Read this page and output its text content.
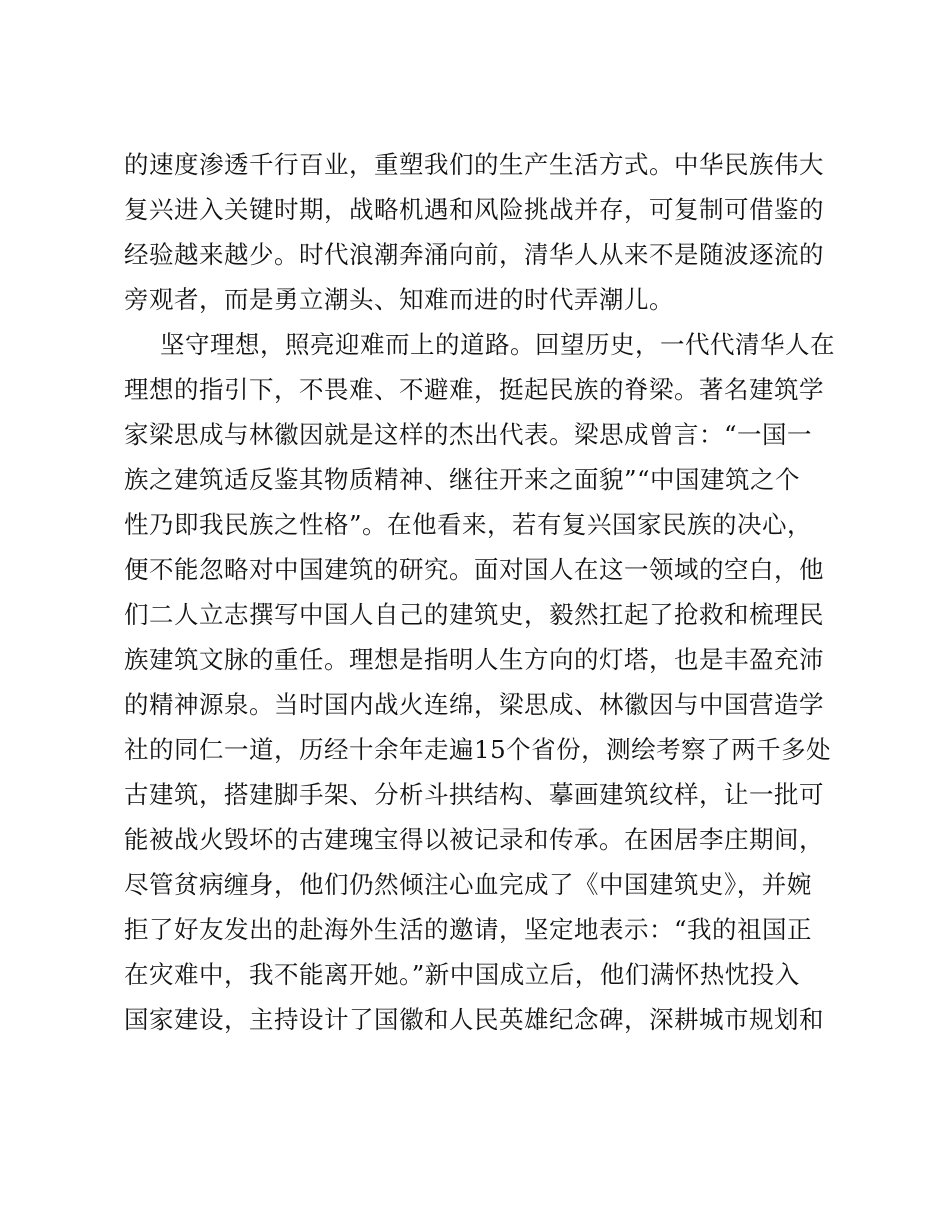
的速度渗透千行百业，重塑我们的生产生活方式。中华民族伟大
复兴进入关键时期，战略机遇和风险挑战并存，可复制可借鉴的
经验越来越少。时代浪潮奔涌向前，清华人从来不是随波逐流的
旁观者，而是勇立潮头、知难而进的时代弄潮儿。
坚守理想，照亮迎难而上的道路。回望历史，一代代清华人在
理想的指引下，不畏难、不避难，挺起民族的脊梁。著名建筑学
家梁思成与林徽因就是这样的杰出代表。梁思成曾言：“一国一
族之建筑适反鉴其物质精神、继往开来之面貌”“中国建筑之个
性乃即我民族之性格”。在他看来，若有复兴国家民族的决心，
便不能忽略对中国建筑的研究。面对国人在这一领域的空白，他
们二人立志撰写中国人自己的建筑史，毅然扛起了抢救和梳理民
族建筑文脉的重任。理想是指明人生方向的灯塔，也是丰盈充沛
的精神源泉。当时国内战火连绵，梁思成、林徽因与中国营造学
社的同仁一道，历经十余年走遍15个省份，测绘考察了两千多处
古建筑，搭建脚手架、分析斗拱结构、摹画建筑纹样，让一批可
能被战火毁坏的古建瑰宝得以被记录和传承。在困居李庄期间，
尽管贫病缠身，他们仍然倾注心血完成了《中国建筑史》，并婉
拒了好友发出的赴海外生活的邀请，坚定地表示：“我的祖国正
在灾难中，我不能离开她。”新中国成立后，他们满怀热忱投入
国家建设，主持设计了国徽和人民英雄纪念碑，深耕城市规划和
